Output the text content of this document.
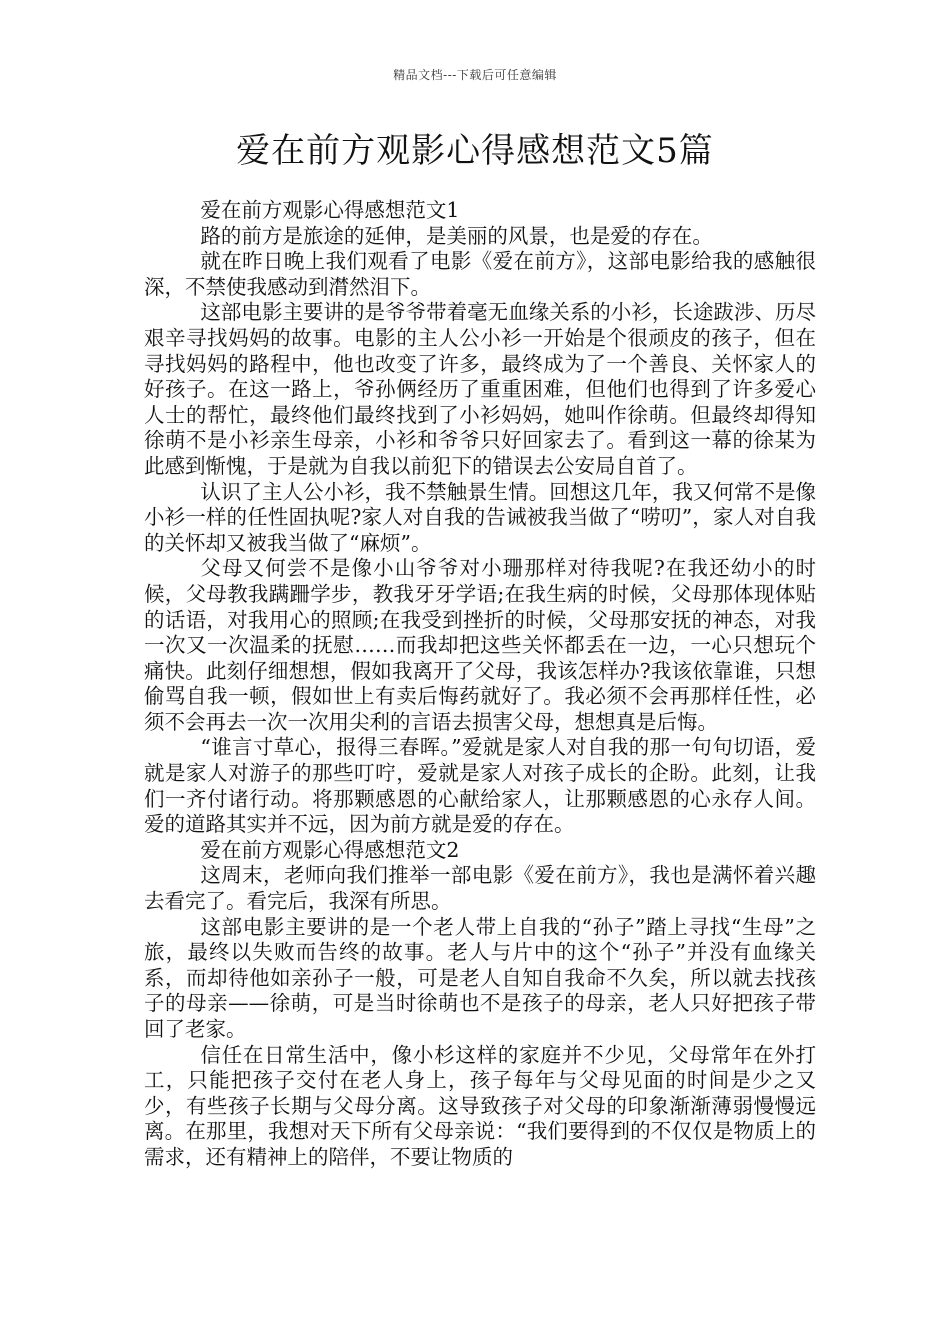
精品文档---下载后可任意编辑
爱在前方观影心得感想范文5篇

爱在前方观影心得感想范文1

路的前方是旅途的延伸，是美丽的风景，也是爱的存在。

就在昨日晚上我们观看了电影《爱在前方》，这部电影给我的感触很深，不禁使我感动到潸然泪下。

这部电影主要讲的是爷爷带着毫无血缘关系的小衫，长途跋涉、历尽艰辛寻找妈妈的故事。电影的主人公小衫一开始是个很顽皮的孩子，但在寻找妈妈的路程中，他也改变了许多，最终成为了一个善良、关怀家人的好孩子。在这一路上，爷孙俩经历了重重困难，但他们也得到了许多爱心人士的帮忙，最终他们最终找到了小衫妈妈，她叫作徐萌。但最终却得知徐萌不是小衫亲生母亲，小衫和爷爷只好回家去了。看到这一幕的徐某为此感到惭愧，于是就为自我以前犯下的错误去公安局自首了。

认识了主人公小衫，我不禁触景生情。回想这几年，我又何常不是像小衫一样的任性固执呢?家人对自我的告诫被我当做了“唠叨”，家人对自我的关怀却又被我当做了“麻烦”。

父母又何尝不是像小山爷爷对小珊那样对待我呢?在我还幼小的时候，父母教我蹒跚学步，教我牙牙学语;在我生病的时候，父母那体现体贴的话语，对我用心的照顾;在我受到挫折的时候，父母那安抚的神态，对我一次又一次温柔的抚慰……而我却把这些关怀都丢在一边，一心只想玩个痛快。此刻仔细想想，假如我离开了父母，我该怎样办?我该依靠谁，只想偷骂自我一顿，假如世上有卖后悔药就好了。我必须不会再那样任性，必须不会再去一次一次用尖利的言语去损害父母，想想真是后悔。

“谁言寸草心，报得三春晖。”爱就是家人对自我的那一句句切语，爱就是家人对游子的那些叮咛，爱就是家人对孩子成长的企盼。此刻，让我们一齐付诸行动。将那颗感恩的心献给家人，让那颗感恩的心永存人间。爱的道路其实并不远，因为前方就是爱的存在。

爱在前方观影心得感想范文2

这周末，老师向我们推举一部电影《爱在前方》，我也是满怀着兴趣去看完了。看完后，我深有所思。

这部电影主要讲的是一个老人带上自我的“孙子”踏上寻找“生母”之旅，最终以失败而告终的故事。老人与片中的这个“孙子”并没有血缘关系，而却待他如亲孙子一般，可是老人自知自我命不久矣，所以就去找孩子的母亲——徐萌，可是当时徐萌也不是孩子的母亲，老人只好把孩子带回了老家。

信任在日常生活中，像小杉这样的家庭并不少见，父母常年在外打工，只能把孩子交付在老人身上，孩子每年与父母见面的时间是少之又少，有些孩子长期与父母分离。这导致孩子对父母的印象渐渐薄弱慢慢远离。在那里，我想对天下所有父母亲说：“我们要得到的不仅仅是物质上的需求，还有精神上的陪伴，不要让物质的
